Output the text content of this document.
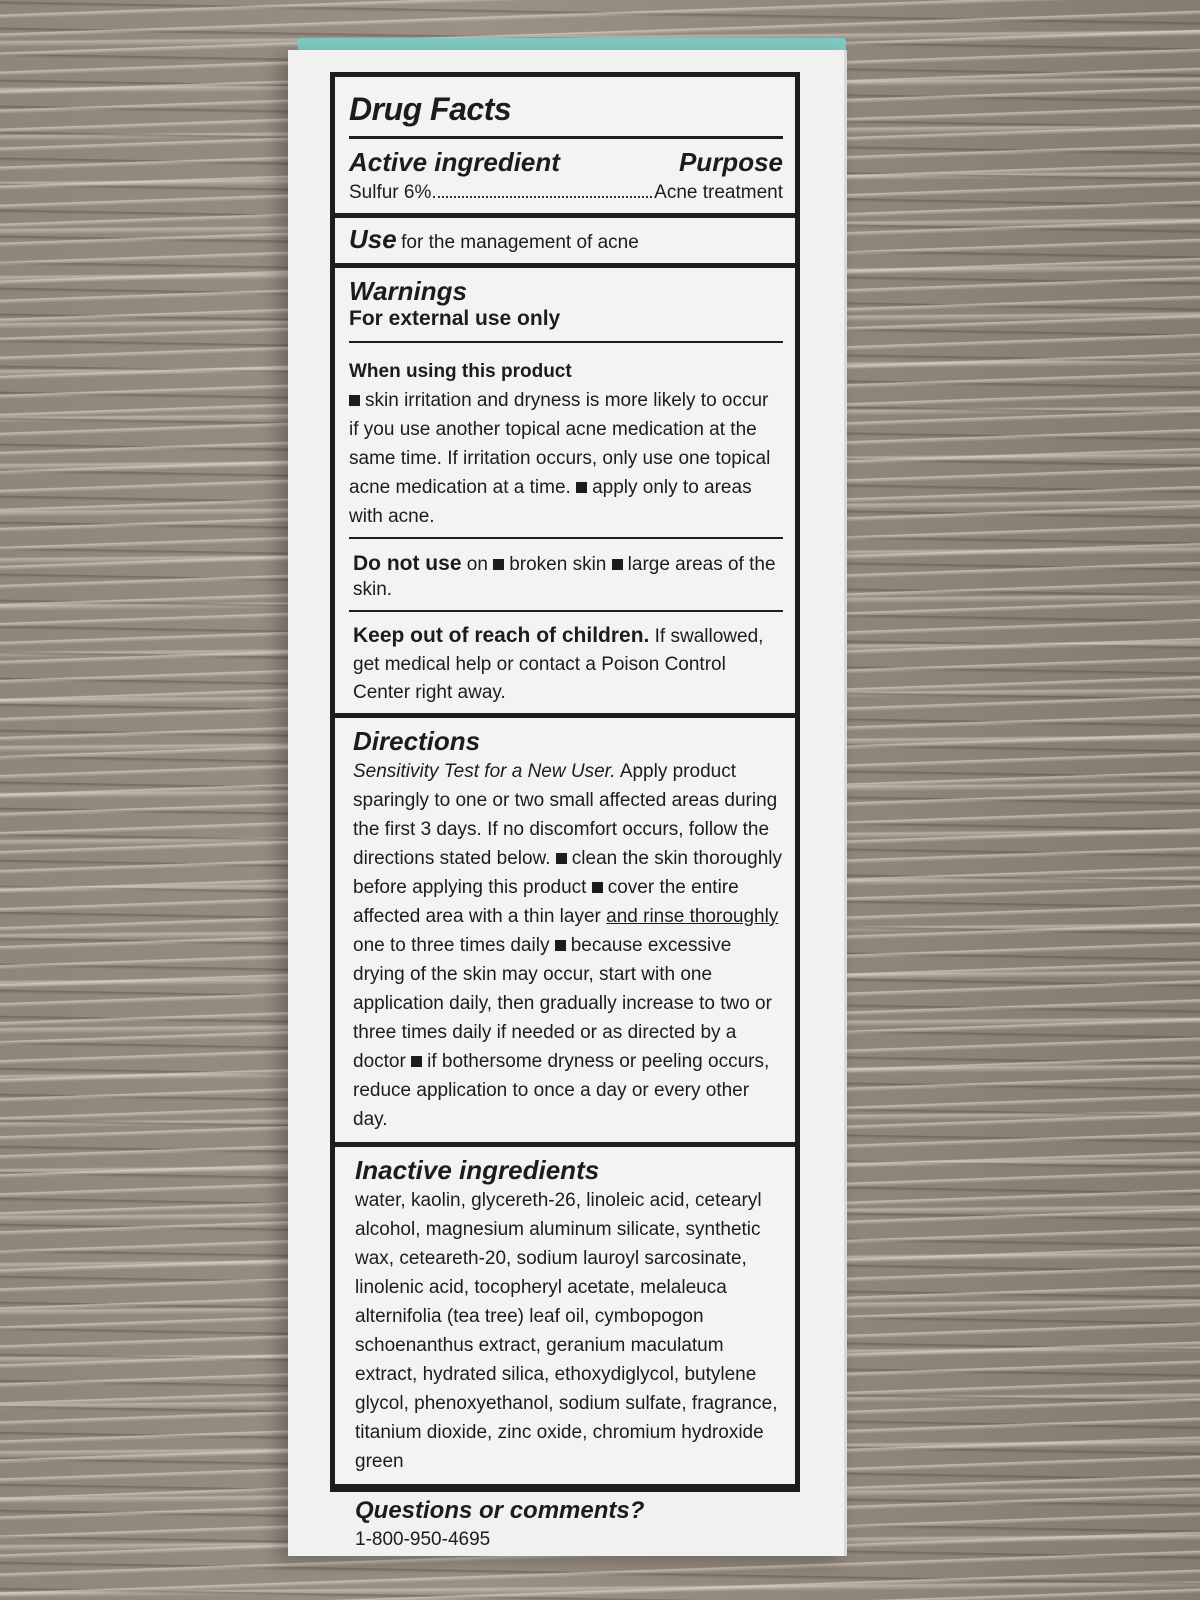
Drug Facts
Active ingredient	Purpose
Sulfur 6%	Acne treatment
Use for the management of acne
Warnings
For external use only
When using this product
skin irritation and dryness is more likely to occur if you use another topical acne medication at the same time. If irritation occurs, only use one topical acne medication at a time. apply only to areas with acne.
Do not use on broken skin large areas of the skin.
Keep out of reach of children. If swallowed, get medical help or contact a Poison Control Center right away.
Directions
Sensitivity Test for a New User. Apply product sparingly to one or two small affected areas during the first 3 days. If no discomfort occurs, follow the directions stated below. clean the skin thoroughly before applying this product cover the entire affected area with a thin layer and rinse thoroughly one to three times daily because excessive drying of the skin may occur, start with one application daily, then gradually increase to two or three times daily if needed or as directed by a doctor if bothersome dryness or peeling occurs, reduce application to once a day or every other day.
Inactive ingredients
water, kaolin, glycereth-26, linoleic acid, cetearyl alcohol, magnesium aluminum silicate, synthetic wax, ceteareth-20, sodium lauroyl sarcosinate, linolenic acid, tocopheryl acetate, melaleuca alternifolia (tea tree) leaf oil, cymbopogon schoenanthus extract, geranium maculatum extract, hydrated silica, ethoxydiglycol, butylene glycol, phenoxyethanol, sodium sulfate, fragrance, titanium dioxide, zinc oxide, chromium hydroxide green
Questions or comments?
1-800-950-4695
